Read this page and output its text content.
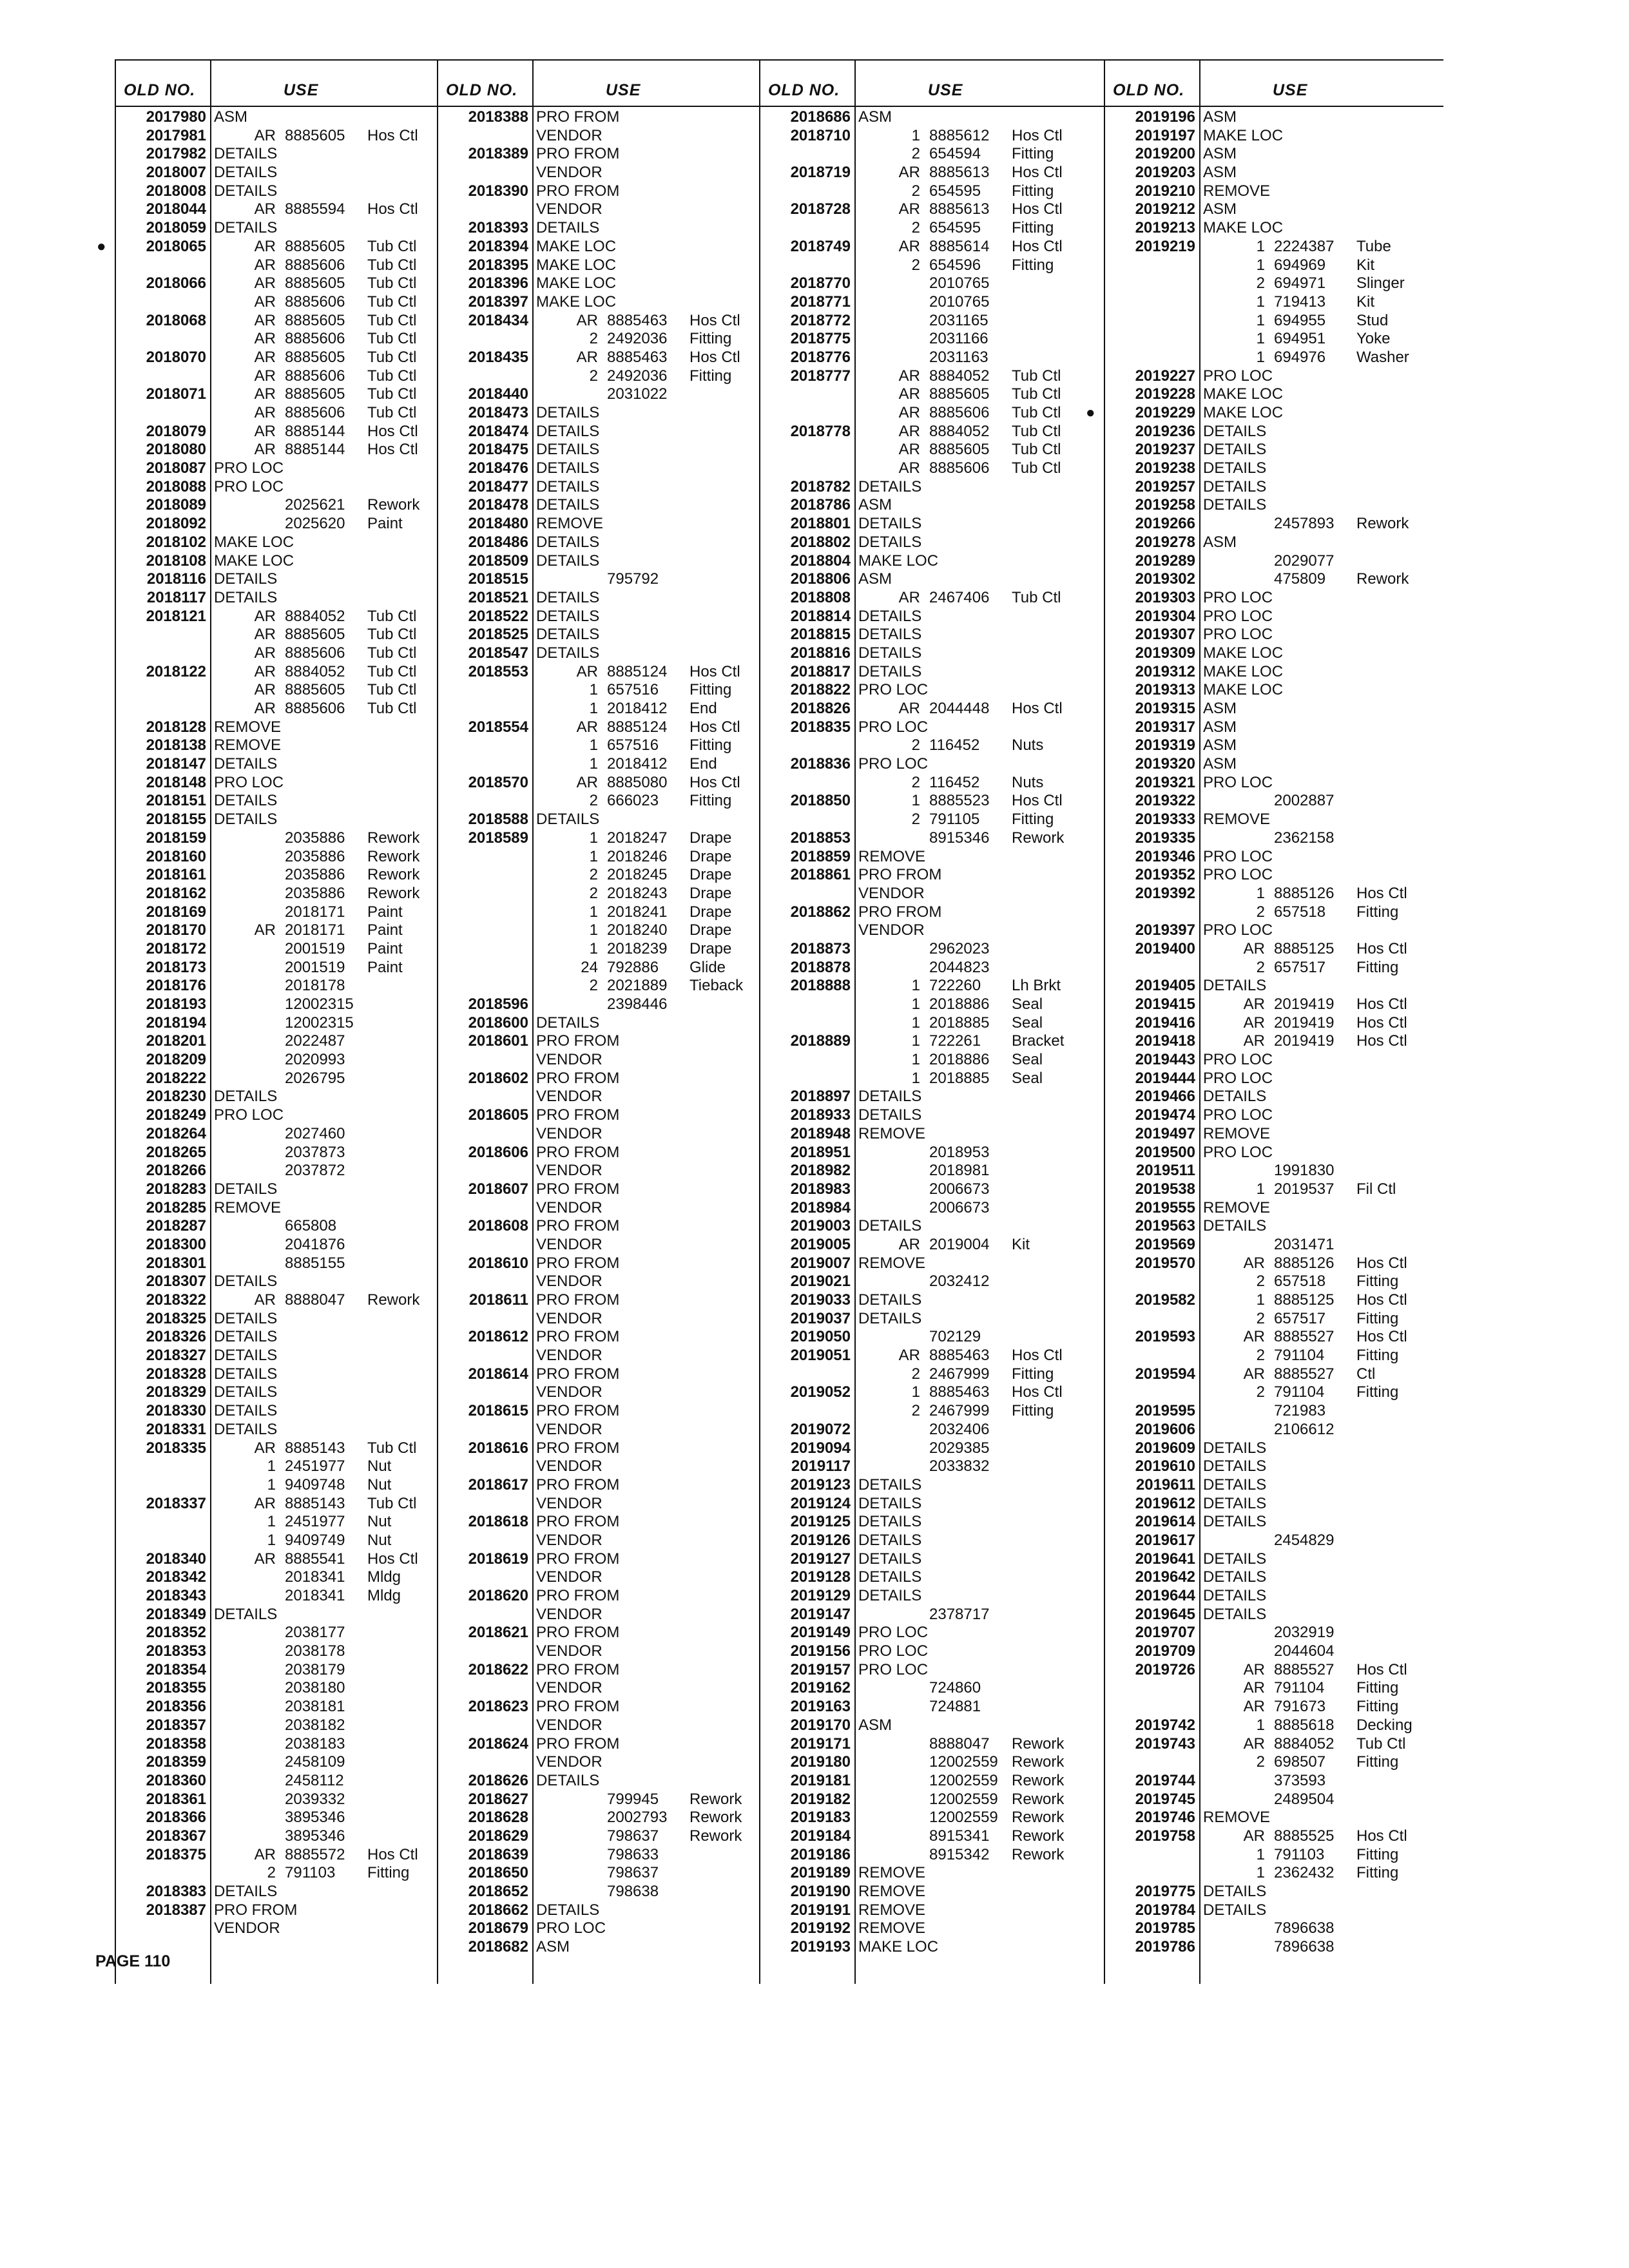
OLD NO.	USE
2017980 ASM
2017981	AR 8885605 Hos Ctl
2017982 DETAILS
2018007 DETAILS
2018008 DETAILS
2018044	AR 8885594 Hos Ctl
2018059 DETAILS
●	2018065	AR 8885605 Tub Ctl
AR 8885606 Tub Ctl
2018066	AR 8885605 Tub Ctl
AR 8885606 Tub Ctl
2018068	AR 8885605 Tub Ctl
AR 8885606 Tub Ctl
2018070	AR 8885605 Tub Ctl
AR 8885606 Tub Ctl
2018071	AR 8885605 Tub Ctl
AR 8885606 Tub Ctl
2018079	AR 8885144 Hos Ctl
2018080	AR 8885144 Hos Ctl
2018087 PRO LOC
2018088 PRO LOC
2018089	2025621 Rework
2018092	2025620 Paint
2018102 MAKE LOC
2018108 MAKE LOC
2018116 DETAILS
2018117 DETAILS
2018121	AR 8884052 Tub Ctl
AR 8885605 Tub Ctl
AR 8885606 Tub Ctl
2018122	AR 8884052 Tub Ctl
AR 8885605 Tub Ctl
AR 8885606 Tub Ctl
2018128 REMOVE
2018138 REMOVE
2018147 DETAILS
2018148 PRO LOC
2018151 DETAILS
2018155 DETAILS
2018159	2035886 Rework
2018160	2035886 Rework
2018161	2035886 Rework
2018162	2035886 Rework
2018169	2018171 Paint
2018170	AR 2018171 Paint
2018172	2001519 Paint
2018173	2001519 Paint
2018176	2018178
2018193	12002315
2018194	12002315
2018201	2022487
2018209	2020993
2018222	2026795
2018230 DETAILS
2018249 PRO LOC
2018264	2027460
2018265	2037873
2018266	2037872
2018283 DETAILS
2018285 REMOVE
2018287	665808
2018300	2041876
2018301	8885155
2018307 DETAILS
2018322	AR 8888047 Rework
2018325 DETAILS
2018326 DETAILS
2018327 DETAILS
2018328 DETAILS
2018329 DETAILS
2018330 DETAILS
2018331 DETAILS
2018335	AR 8885143 Tub Ctl
1 2451977 Nut
1 9409748 Nut
2018337	AR 8885143 Tub Ctl
1 2451977 Nut
1 9409749 Nut
2018340	AR 8885541 Hos Ctl
2018342	2018341 Mldg
2018343	2018341 Mldg
2018349 DETAILS
2018352	2038177
2018353	2038178
2018354	2038179
2018355	2038180
2018356	2038181
2018357	2038182
2018358	2038183
2018359	2458109
2018360	2458112
2018361	2039332
2018366	3895346
2018367	3895346
2018375	AR 8885572 Hos Ctl
2 791103 Fitting
2018383 DETAILS
2018387 PRO FROM
VENDOR
OLD NO.	USE
2018388 PRO FROM
VENDOR
2018389 PRO FROM
VENDOR
2018390 PRO FROM
VENDOR
2018393 DETAILS
2018394 MAKE LOC
2018395 MAKE LOC
2018396 MAKE LOC
2018397 MAKE LOC
2018434	AR 8885463 Hos Ctl
2 2492036 Fitting
2018435	AR 8885463 Hos Ctl
2 2492036 Fitting
2018440	2031022
2018473 DETAILS
2018474 DETAILS
2018475 DETAILS
2018476 DETAILS
2018477 DETAILS
2018478 DETAILS
2018480 REMOVE
2018486 DETAILS
2018509 DETAILS
2018515	795792
2018521 DETAILS
2018522 DETAILS
2018525 DETAILS
2018547 DETAILS
2018553	AR 8885124 Hos Ctl
1 657516 Fitting
1 2018412 End
2018554	AR 8885124 Hos Ctl
1 657516 Fitting
1 2018412 End
2018570	AR 8885080 Hos Ctl
2 666023 Fitting
2018588 DETAILS
2018589	1 2018247 Drape
1 2018246 Drape
2 2018245 Drape
2 2018243 Drape
1 2018241 Drape
1 2018240 Drape
1 2018239 Drape
24 792886 Glide
2 2021889 Tieback
2018596	2398446
2018600 DETAILS
2018601 PRO FROM
VENDOR
2018602 PRO FROM
VENDOR
2018605 PRO FROM
VENDOR
2018606 PRO FROM
VENDOR
2018607 PRO FROM
VENDOR
2018608 PRO FROM
VENDOR
2018610 PRO FROM
VENDOR
2018611 PRO FROM
VENDOR
2018612 PRO FROM
VENDOR
2018614 PRO FROM
VENDOR
2018615 PRO FROM
VENDOR
2018616 PRO FROM
VENDOR
2018617 PRO FROM
VENDOR
2018618 PRO FROM
VENDOR
2018619 PRO FROM
VENDOR
2018620 PRO FROM
VENDOR
2018621 PRO FROM
VENDOR
2018622 PRO FROM
VENDOR
2018623 PRO FROM
VENDOR
2018624 PRO FROM
VENDOR
2018626 DETAILS
2018627	799945 Rework
2018628	2002793 Rework
2018629	798637 Rework
2018639	798633
2018650	798637
2018652	798638
2018662 DETAILS
2018679 PRO LOC
2018682 ASM
OLD NO.	USE
2018686 ASM
2018710	1 8885612 Hos Ctl
2 654594 Fitting
2018719	AR 8885613 Hos Ctl
2 654595 Fitting
2018728	AR 8885613 Hos Ctl
2 654595 Fitting
2018749	AR 8885614 Hos Ctl
2 654596 Fitting
2018770	2010765
2018771	2010765
2018772	2031165
2018775	2031166
2018776	2031163
2018777	AR 8884052 Tub Ctl
AR 8885605 Tub Ctl
AR 8885606 Tub Ctl
2018778	AR 8884052 Tub Ctl
AR 8885605 Tub Ctl
AR 8885606 Tub Ctl
2018782 DETAILS
2018786 ASM
2018801 DETAILS
2018802 DETAILS
2018804 MAKE LOC
2018806 ASM
2018808	AR 2467406 Tub Ctl
2018814 DETAILS
2018815 DETAILS
2018816 DETAILS
2018817 DETAILS
2018822 PRO LOC
2018826	AR 2044448 Hos Ctl
2018835 PRO LOC
2 116452 Nuts
2018836 PRO LOC
2 116452 Nuts
2018850	1 8885523 Hos Ctl
2 791105 Fitting
2018853	8915346 Rework
2018859 REMOVE
2018861 PRO FROM
VENDOR
2018862 PRO FROM
VENDOR
2018873	2962023
2018878	2044823
2018888	1 722260 Lh Brkt
1 2018886 Seal
1 2018885 Seal
2018889	1 722261 Bracket
1 2018886 Seal
1 2018885 Seal
2018897 DETAILS
2018933 DETAILS
2018948 REMOVE
2018951	2018953
2018982	2018981
2018983	2006673
2018984	2006673
2019003 DETAILS
2019005	AR 2019004 Kit
2019007 REMOVE
2019021	2032412
2019033 DETAILS
2019037 DETAILS
2019050	702129
2019051	AR 8885463 Hos Ctl
2 2467999 Fitting
2019052	1 8885463 Hos Ctl
2 2467999 Fitting
2019072	2032406
2019094	2029385
2019117	2033832
2019123 DETAILS
2019124 DETAILS
2019125 DETAILS
2019126 DETAILS
2019127 DETAILS
2019128 DETAILS
2019129 DETAILS
2019147	2378717
2019149 PRO LOC
2019156 PRO LOC
2019157 PRO LOC
2019162	724860
2019163	724881
2019170 ASM
2019171	8888047 Rework
2019180	12002559 Rework
2019181	12002559 Rework
2019182	12002559 Rework
2019183	12002559 Rework
2019184	8915341 Rework
2019186	8915342 Rework
2019189 REMOVE
2019190 REMOVE
2019191 REMOVE
2019192 REMOVE
2019193 MAKE LOC
OLD NO.	USE
2019196 ASM
2019197 MAKE LOC
2019200 ASM
2019203 ASM
2019210 REMOVE
2019212 ASM
2019213 MAKE LOC
2019219	1 2224387 Tube
1 694969 Kit
2 694971 Slinger
1 719413 Kit
1 694955 Stud
1 694951 Yoke
1 694976 Washer
2019227 PRO LOC
2019228 MAKE LOC
●	2019229 MAKE LOC
2019236 DETAILS
2019237 DETAILS
2019238 DETAILS
2019257 DETAILS
2019258 DETAILS
2019266	2457893 Rework
2019278 ASM
2019289	2029077
2019302	475809 Rework
2019303 PRO LOC
2019304 PRO LOC
2019307 PRO LOC
2019309 MAKE LOC
2019312 MAKE LOC
2019313 MAKE LOC
2019315 ASM
2019317 ASM
2019319 ASM
2019320 ASM
2019321 PRO LOC
2019322	2002887
2019333 REMOVE
2019335	2362158
2019346 PRO LOC
2019352 PRO LOC
2019392	1 8885126 Hos Ctl
2 657518 Fitting
2019397 PRO LOC
2019400	AR 8885125 Hos Ctl
2 657517 Fitting
2019405 DETAILS
2019415	AR 2019419 Hos Ctl
2019416	AR 2019419 Hos Ctl
2019418	AR 2019419 Hos Ctl
2019443 PRO LOC
2019444 PRO LOC
2019466 DETAILS
2019474 PRO LOC
2019497 REMOVE
2019500 PRO LOC
2019511	1991830
2019538	1 2019537 Fil Ctl
2019555 REMOVE
2019563 DETAILS
2019569	2031471
2019570	AR 8885126 Hos Ctl
2 657518 Fitting
2019582	1 8885125 Hos Ctl
2 657517 Fitting
2019593	AR 8885527 Hos Ctl
2 791104 Fitting
2019594	AR 8885527 Ctl
2 791104 Fitting
2019595	721983
2019606	2106612
2019609 DETAILS
2019610 DETAILS
2019611 DETAILS
2019612 DETAILS
2019614 DETAILS
2019617	2454829
2019641 DETAILS
2019642 DETAILS
2019644 DETAILS
2019645 DETAILS
2019707	2032919
2019709	2044604
2019726	AR 8885527 Hos Ctl
AR 791104 Fitting
AR 791673 Fitting
2019742	1 8885618 Decking
2019743	AR 8884052 Tub Ctl
2 698507 Fitting
2019744	373593
2019745	2489504
2019746 REMOVE
2019758	AR 8885525 Hos Ctl
1 791103 Fitting
1 2362432 Fitting
2019775 DETAILS
2019784 DETAILS
2019785	7896638
2019786	7896638
PAGE 110
